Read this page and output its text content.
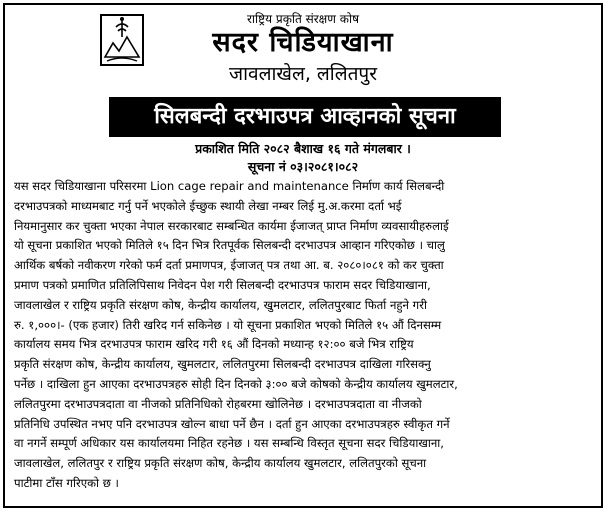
राष्ट्रिय प्रकृति संरक्षण कोष
सदर चिडियाखाना
जावलाखेल, ललितपुर
सिलबन्दी दरभाउपत्र आव्हानको सूचना
प्रकाशित मिति २०८२ बैशाख १६ गते मंगलबार ।
सूचना नं ०३।२०८१।०८२
यस सदर चिडियाखाना परिसरमा Lion cage repair and maintenance निर्माण कार्य सिलबन्दी
दरभाउपत्रको माध्यमबाट गर्नु पर्ने भएकोले ईच्छुक स्थायी लेखा नम्बर लिई मु.अ.करमा दर्ता भई
नियमानुसार कर चुक्ता भएका नेपाल सरकारबाट सम्बन्धित कार्यमा ईजाजत् प्राप्त निर्माण व्यवसायीहरुलाई
यो सूचना प्रकाशित भएको मितिले १५ दिन भित्र रितपूर्वक सिलबन्दी दरभाउपत्र आव्हान गरिएकोछ । चालु
आर्थिक बर्षको नवीकरण गरेको फर्म दर्ता प्रमाणपत्र, ईजाजत् पत्र तथा आ. ब. २०८०।०८१ को कर चुक्ता
प्रमाण पत्रको प्रमाणित प्रतिलिपिसाथ निवेदन पेश गरी सिलबन्दी दरभाउपत्र फाराम सदर चिडियाखाना,
जावलाखेल र राष्ट्रिय प्रकृति संरक्षण कोष, केन्द्रीय कार्यालय, खुमलटार, ललितपुरबाट फिर्ता नहुने गरी
रु. १,०००।- (एक हजार) तिरी खरिद गर्न सकिनेछ । यो सूचना प्रकाशित भएको मितिले १५ औं दिनसम्म
कार्यालय समय भित्र दरभाउपत्र फाराम खरिद गरी १६ औं दिनको मध्यान्ह १२:०० बजे भित्र राष्ट्रिय
प्रकृति संरक्षण कोष, केन्द्रीय कार्यालय, खुमलटार, ललितपुरमा सिलबन्दी दरभाउपत्र दाखिला गरिसक्नु
पर्नेछ । दाखिला हुन आएका दरभाउपत्रहरु सोही दिन दिनको ३:०० बजे कोषको केन्द्रीय कार्यालय खुमलटार,
ललितपुरमा दरभाउपत्रदाता वा नीजको प्रतिनिधिको रोहबरमा खोलिनेछ । दरभाउपत्रदाता वा नीजको
प्रतिनिधि उपस्थित नभए पनि दरभाउपत्र खोल्न बाधा पर्ने छैन । दर्ता हुन आएका दरभाउपत्रहरु स्वीकृत गर्ने
वा नगर्ने सम्पूर्ण अधिकार यस कार्यालयमा निहित रहनेछ । यस सम्बन्धि विस्तृत सूचना सदर चिडियाखाना,
जावलाखेल, ललितपुर र राष्ट्रिय प्रकृति संरक्षण कोष, केन्द्रीय कार्यालय खुमलटार, ललितपुरको सूचना
पाटीमा टाँस गरिएको छ ।
